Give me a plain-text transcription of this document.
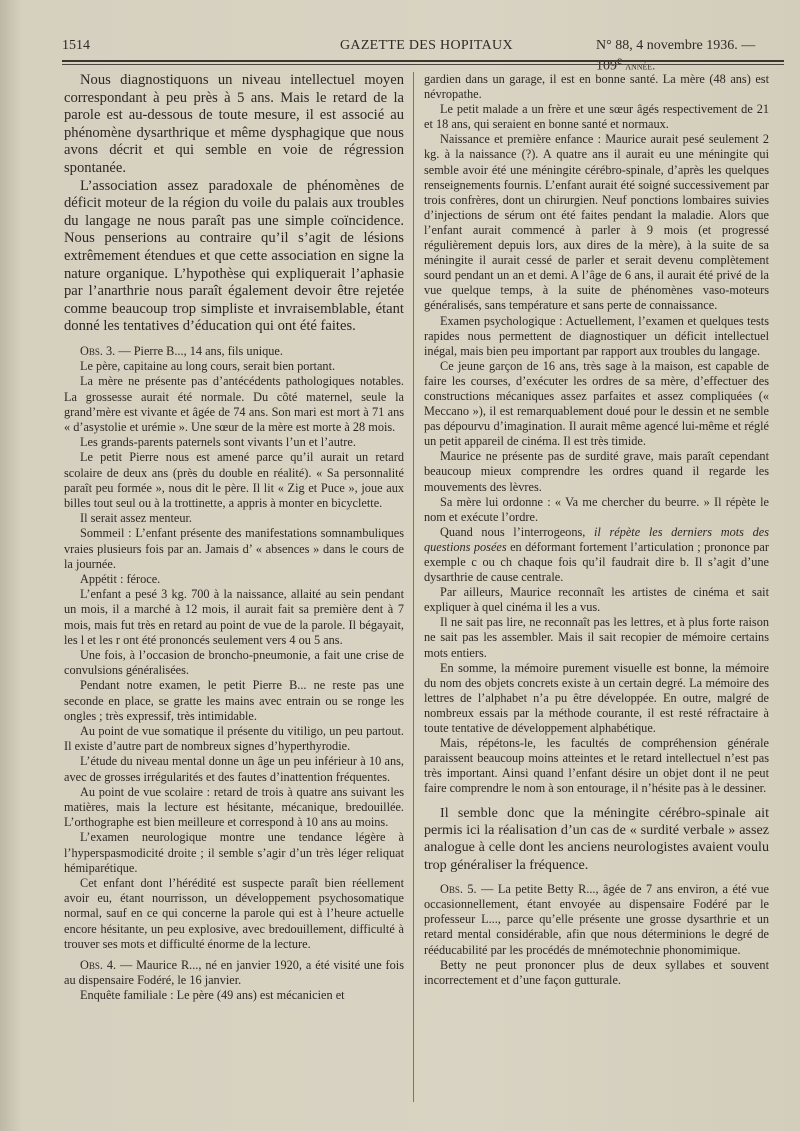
1514	GAZETTE DES HOPITAUX	N° 88, 4 novembre 1936. — 109e année.

Nous diagnostiquons un niveau intellectuel moyen correspondant à peu près à 5 ans. Mais le retard de la parole est au-dessous de toute mesure, il est associé au phénomène dysarthrique et même dysphagique que nous avons décrit et qui semble en voie de régression spontanée.

L’association assez paradoxale de phénomènes de déficit moteur de la région du voile du palais aux troubles du langage ne nous paraît pas une simple coïncidence. Nous penserions au contraire qu’il s’agit de lésions extrêmement étendues et que cette association en signe la nature organique. L’hypothèse qui expliquerait l’aphasie par l’anarthrie nous paraît également devoir être rejetée comme beaucoup trop simpliste et invraisemblable, étant donné les tentatives d’éducation qui ont été faites.

Obs. 3. — Pierre B..., 14 ans, fils unique.

Le père, capitaine au long cours, serait bien portant.

La mère ne présente pas d’antécédents pathologiques notables. La grossesse aurait été normale. Du côté maternel, seule la grand’mère est vivante et âgée de 74 ans. Son mari est mort à 71 ans « d’asystolie et urémie ». Une sœur de la mère est morte à 28 mois.

Les grands-parents paternels sont vivants l’un et l’autre.

Le petit Pierre nous est amené parce qu’il aurait un retard scolaire de deux ans (près du double en réalité). « Sa personnalité paraît peu formée », nous dit le père. Il lit « Zig et Puce », joue aux billes tout seul ou à la trottinette, a appris à monter en bicyclette.

Il serait assez menteur.

Sommeil : L’enfant présente des manifestations somnambuliques vraies plusieurs fois par an. Jamais d’ « absences » dans le cours de la journée.

Appétit : féroce.

L’enfant a pesé 3 kg. 700 à la naissance, allaité au sein pendant un mois, il a marché à 12 mois, il aurait fait sa première dent à 7 mois, mais fut très en retard au point de vue de la parole. Il bégayait, les l et les r ont été prononcés seulement vers 4 ou 5 ans.

Une fois, à l’occasion de broncho-pneumonie, a fait une crise de convulsions généralisées.

Pendant notre examen, le petit Pierre B... ne reste pas une seconde en place, se gratte les mains avec entrain ou se ronge les ongles ; très expressif, très intimidable.

Au point de vue somatique il présente du vitiligo, un peu partout. Il existe d’autre part de nombreux signes d’hyperthyrodie.

L’étude du niveau mental donne un âge un peu inférieur à 10 ans, avec de grosses irrégularités et des fautes d’inattention fréquentes.

Au point de vue scolaire : retard de trois à quatre ans suivant les matières, mais la lecture est hésitante, mécanique, bredouillée. L’orthographe est bien meilleure et correspond à 10 ans au moins.

L’examen neurologique montre une tendance légère à l’hyperspasmodicité droite ; il semble s’agir d’un très léger reliquat hémiparétique.

Cet enfant dont l’hérédité est suspecte paraît bien réellement avoir eu, étant nourrisson, un développement psychosomatique normal, sauf en ce qui concerne la parole qui est à l’heure actuelle encore hésitante, un peu explosive, avec bredouillement, difficulté à trouver ses mots et difficulté énorme de la lecture.

Obs. 4. — Maurice R..., né en janvier 1920, a été visité une fois au dispensaire Fodéré, le 16 janvier.

Enquête familiale : Le père (49 ans) est mécanicien et

gardien dans un garage, il est en bonne santé. La mère (48 ans) est névropathe.

Le petit malade a un frère et une sœur âgés respectivement de 21 et 18 ans, qui seraient en bonne santé et normaux.

Naissance et première enfance : Maurice aurait pesé seulement 2 kg. à la naissance (?). A quatre ans il aurait eu une méningite qui semble avoir été une méningite cérébro-spinale, d’après les quelques renseignements fournis. L’enfant aurait été soigné successivement par trois confrères, dont un chirurgien. Neuf ponctions lombaires suivies d’injections de sérum ont été faites pendant la maladie. Alors que l’enfant aurait commencé à parler à 9 mois (et progressé régulièrement depuis lors, aux dires de la mère), à la suite de sa méningite il aurait cessé de parler et serait devenu complètement sourd pendant un an et demi. A l’âge de 6 ans, il aurait été privé de la vue quelque temps, à la suite de phénomènes vaso-moteurs généralisés, sans température et sans perte de connaissance.

Examen psychologique : Actuellement, l’examen et quelques tests rapides nous permettent de diagnostiquer un déficit intellectuel inégal, mais bien peu important par rapport aux troubles du langage.

Ce jeune garçon de 16 ans, très sage à la maison, est capable de faire les courses, d’exécuter les ordres de sa mère, d’effectuer des constructions mécaniques assez parfaites et assez compliquées (« Meccano »), il est remarquablement doué pour le dessin et ne semble pas dépourvu d’imagination. Il aurait même agencé lui-même et réglé un petit appareil de cinéma. Il est très timide.

Maurice ne présente pas de surdité grave, mais paraît cependant beaucoup mieux comprendre les ordres quand il regarde les mouvements des lèvres.

Sa mère lui ordonne : « Va me chercher du beurre. » Il répète le nom et exécute l’ordre.

Quand nous l’interrogeons, il répète les derniers mots des questions posées en déformant fortement l’articulation ; prononce par exemple c ou ch chaque fois qu’il faudrait dire b. Il s’agit d’une dysarthrie de cause centrale.

Par ailleurs, Maurice reconnaît les artistes de cinéma et sait expliquer à quel cinéma il les a vus.

Il ne sait pas lire, ne reconnaît pas les lettres, et à plus forte raison ne sait pas les assembler. Mais il sait recopier de mémoire certains mots entiers.

En somme, la mémoire purement visuelle est bonne, la mémoire du nom des objets concrets existe à un certain degré. La mémoire des lettres de l’alphabet n’a pu être développée. En outre, malgré de nombreux essais par la méthode courante, il est resté réfractaire à toute tentative de développement alphabétique.

Mais, répétons-le, les facultés de compréhension générale paraissent beaucoup moins atteintes et le retard intellectuel n’est pas très important. Ainsi quand l’enfant désire un objet dont il ne peut faire comprendre le nom à son entourage, il n’hésite pas à le dessiner.

Il semble donc que la méningite cérébro-spinale ait permis ici la réalisation d’un cas de « surdité verbale » assez analogue à celle dont les anciens neurologistes avaient voulu trop généraliser la fréquence.

Obs. 5. — La petite Betty R..., âgée de 7 ans environ, a été vue occasionnellement, étant envoyée au dispensaire Fodéré par le professeur L..., parce qu’elle présente une grosse dysarthrie et un retard mental considérable, afin que nous déterminions le degré de rééducabilité par les procédés de mnémotechnie phonomimique.

Betty ne peut prononcer plus de deux syllabes et souvent incorrectement et d’une façon gutturale.
